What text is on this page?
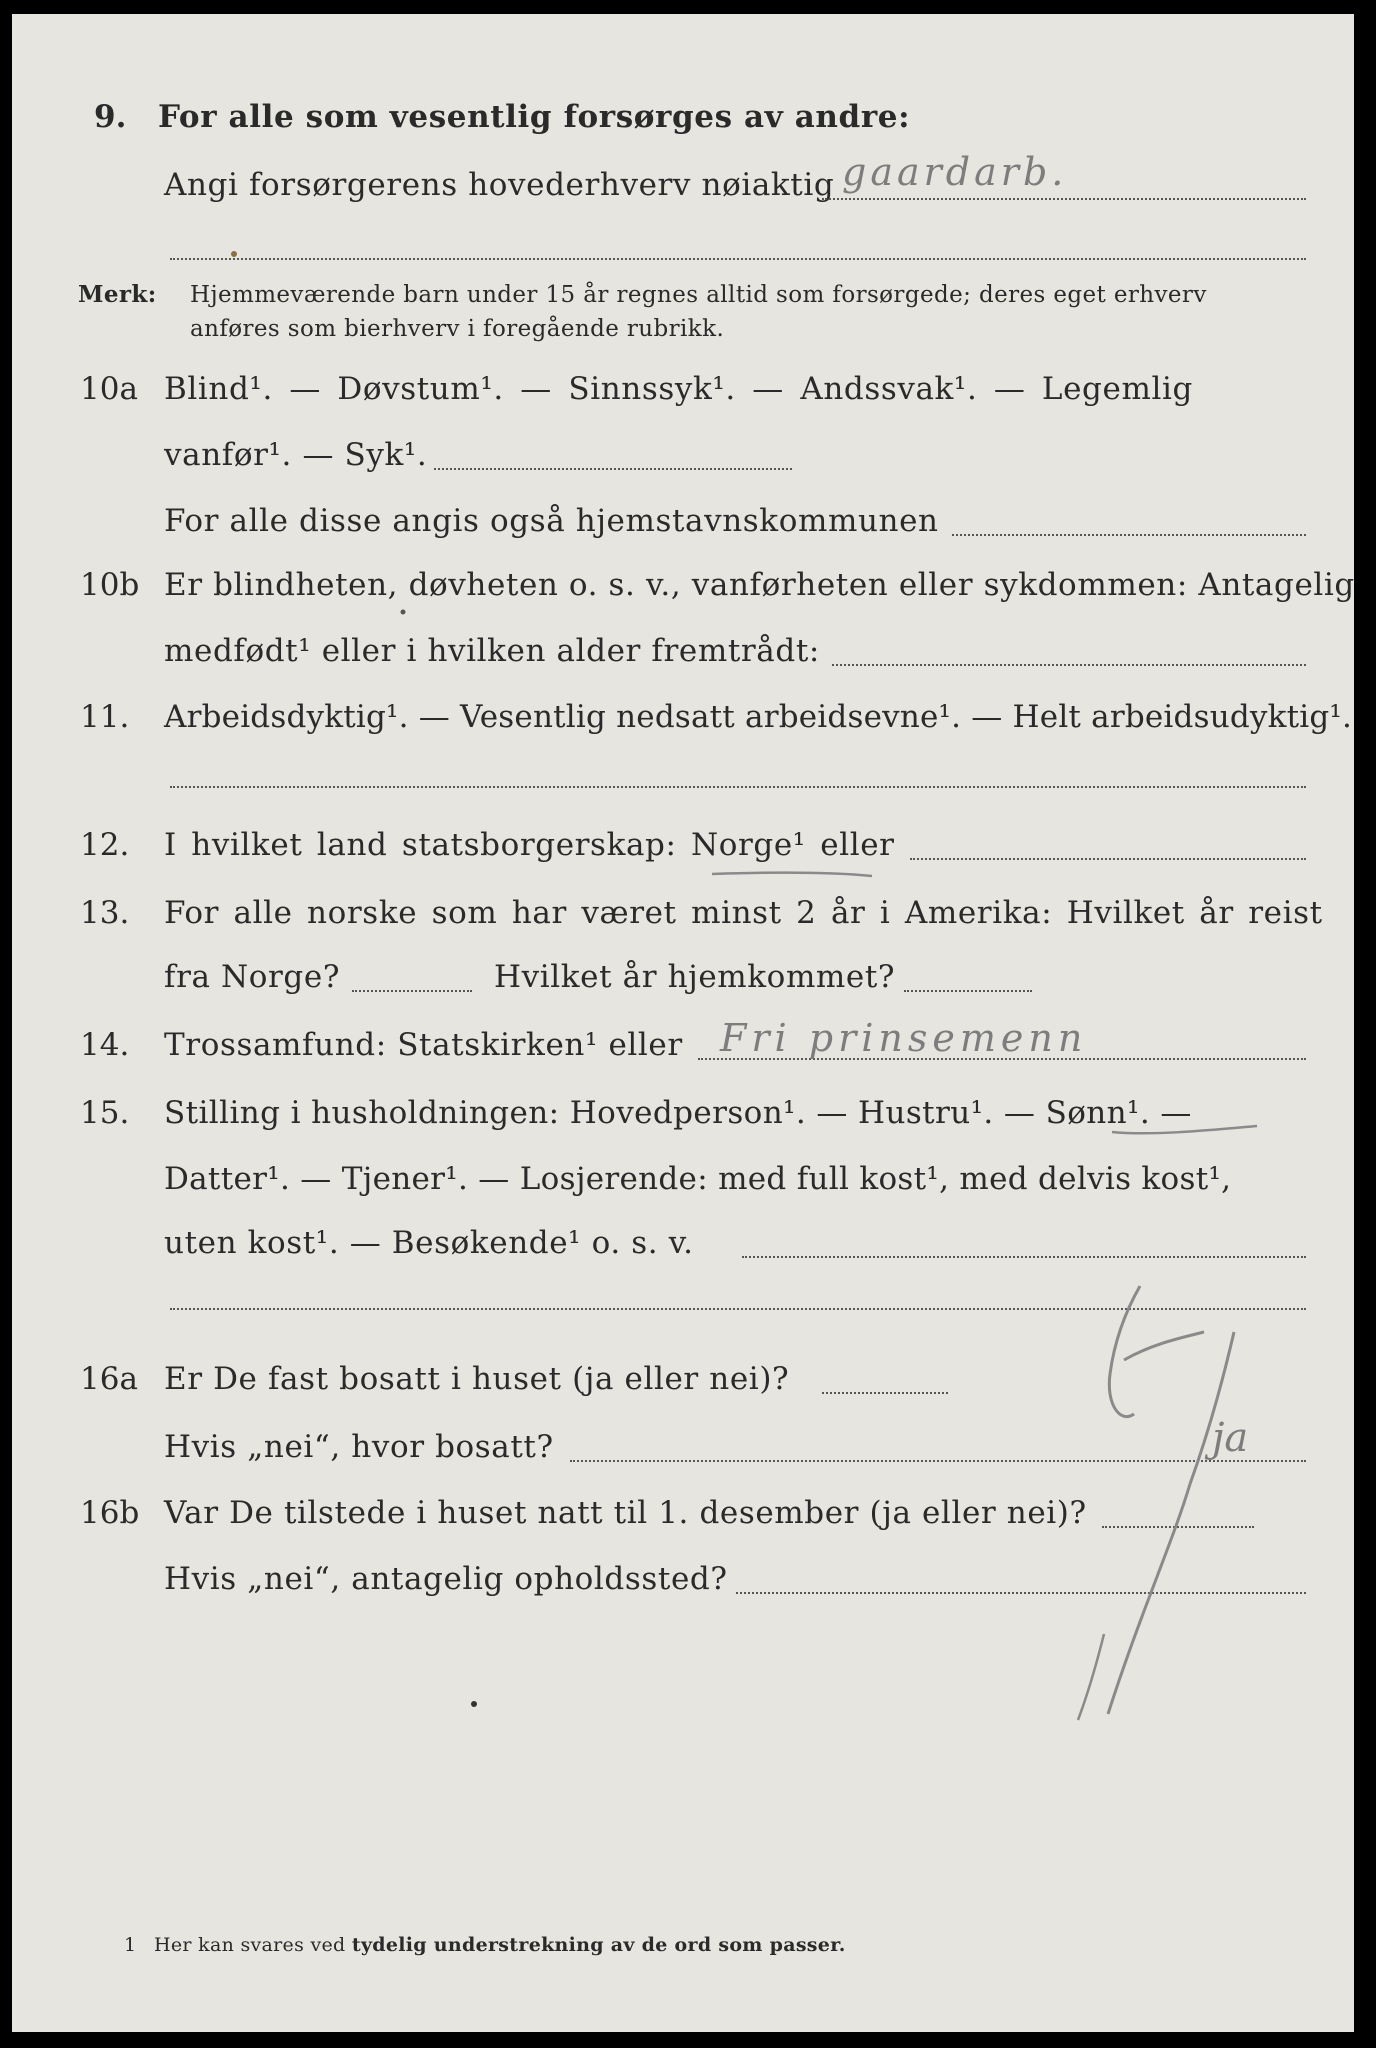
9. For alle som vesentlig forsørges av andre:
Angi forsørgerens hovederhverv nøiaktig gaardarb.
Merk: Hjemmeværende barn under 15 år regnes alltid som forsørgede; deres eget erhverv
anføres som bierhverv i foregående rubrikk.
10a Blind¹. — Døvstum¹. — Sinnssyk¹. — Andssvak¹. — Legemlig
vanfør¹. — Syk¹.
For alle disse angis også hjemstavnskommunen
10b Er blindheten, døvheten o. s. v., vanførheten eller sykdommen: Antagelig
medfødt¹ eller i hvilken alder fremtrådt:
11. Arbeidsdyktig¹. — Vesentlig nedsatt arbeidsevne¹. — Helt arbeidsudyktig¹.
12. I hvilket land statsborgerskap: Norge¹ eller
13. For alle norske som har været minst 2 år i Amerika: Hvilket år reist
fra Norge?	Hvilket år hjemkommet?
14. Trossamfund: Statskirken¹ eller Fri prinsemenn
15. Stilling i husholdningen: Hovedperson¹. — Hustru¹. — Sønn¹. —
Datter¹. — Tjener¹. — Losjerende: med full kost¹, med delvis kost¹,
uten kost¹. — Besøkende¹ o. s. v.
16a Er De fast bosatt i huset (ja eller nei)?
Hvis „nei“, hvor bosatt?	ja
16b Var De tilstede i huset natt til 1. desember (ja eller nei)?
Hvis „nei“, antagelig opholdssted?
1 Her kan svares ved tydelig understrekning av de ord som passer.
